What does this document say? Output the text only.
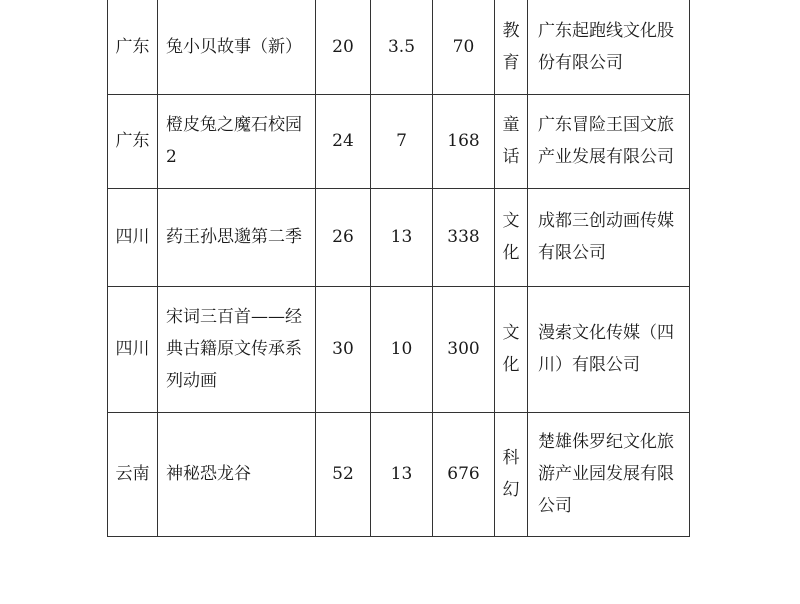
广东	兔小贝故事（新）	20	3.5	70	教育	广东起跑线文化股份有限公司
广东	橙皮兔之魔石校园2	24	7	168	童话	广东冒险王国文旅产业发展有限公司
四川	药王孙思邈第二季	26	13	338	文化	成都三创动画传媒有限公司
四川	宋词三百首——经典古籍原文传承系列动画	30	10	300	文化	漫索文化传媒（四川）有限公司
云南	神秘恐龙谷	52	13	676	科幻	楚雄侏罗纪文化旅游产业园发展有限公司
